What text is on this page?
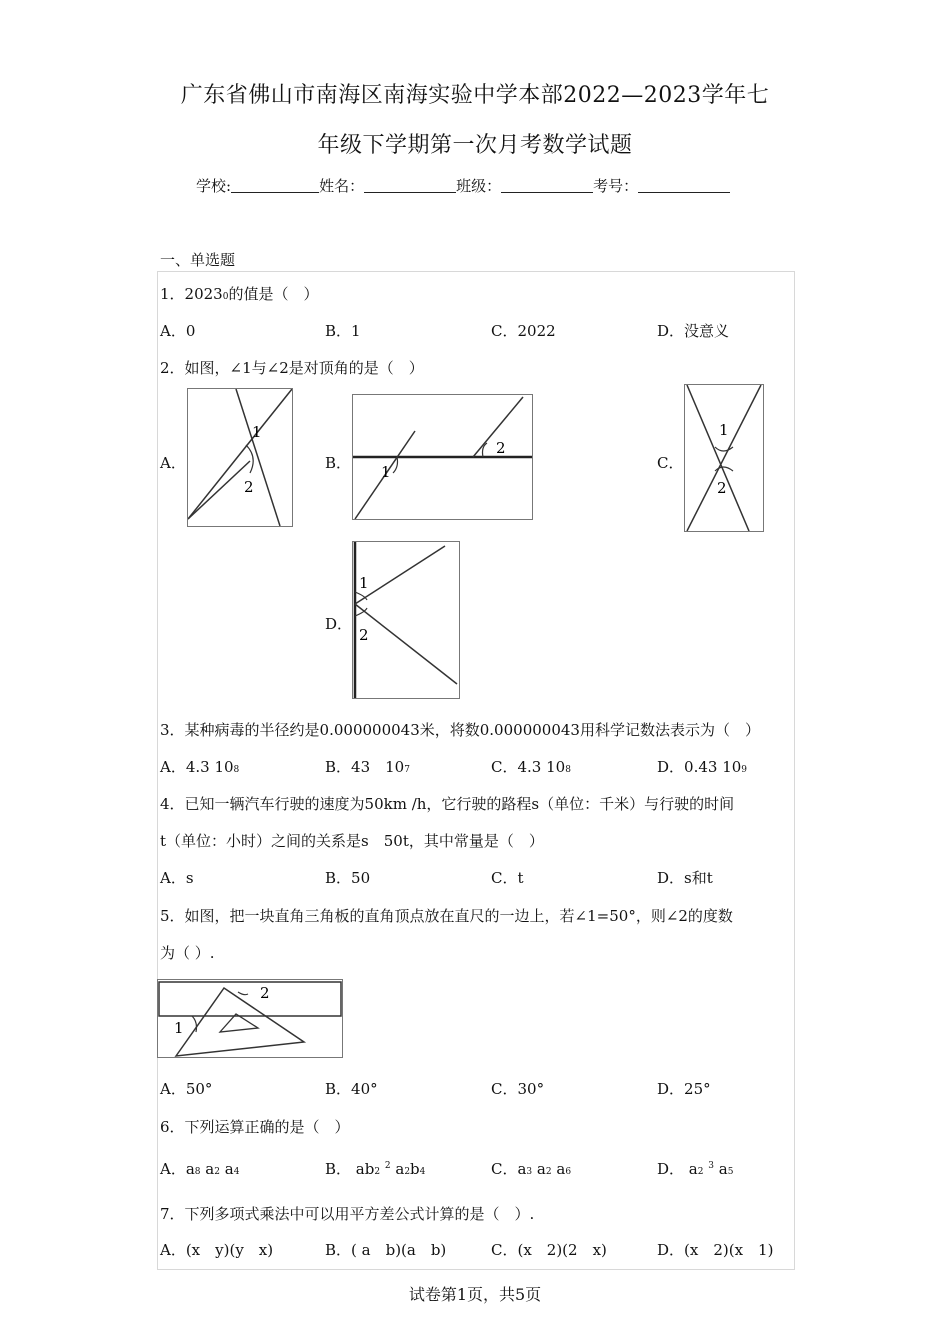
广东省佛山市南海区南海实验中学本部2022—2023学年七
年级下学期第一次月考数学试题
学校:	姓名：	班级：	考号：
一、单选题
1．20230的值是（　）
A．0	B．1	C．2022	D．没意义
2．如图，∠1与∠2是对顶角的是（　）
A．	B．	C．
D．
1
2
1
2
1
2
1
2
3．某种病毒的半径约是0.000000043米，将数0.000000043用科学记数法表示为（　）
A．4.3 108	B．43　107	C．4.3 108	D．0.43 109
4．已知一辆汽车行驶的速度为50km /h，它行驶的路程s（单位：千米）与行驶的时间
t（单位：小时）之间的关系是s　50t，其中常量是（　）
A．s	B．50	C．t	D．s和t
5．如图，把一块直角三角板的直角顶点放在直尺的一边上，若∠1=50°，则∠2的度数
为（ ）.
1
2
A．50°	B．40°	C．30°	D．25°
6．下列运算正确的是（　）
A．a8 a2 a4	B． ab2 $^2$ a2b4	C．a3 a2 a6	D． a2 $^3$ a5
7．下列多项式乘法中可以用平方差公式计算的是（　）.
A．(x　y)(y　x)	B．( a　b)(a　b)	C．(x　2)(2　x)	D．(x　2)(x　1)
试卷第1页，共5页
